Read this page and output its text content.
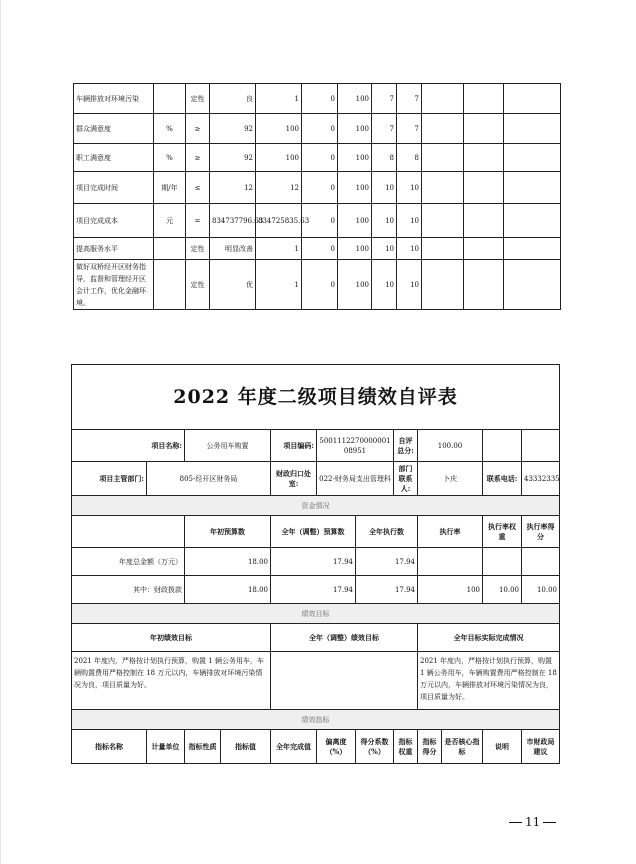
车辆排放对环境污染		定性	良	1	0	100	7	7			
群众满意度	%	≥	92	100	0	100	7	7			
职工满意度	%	≥	92	100	0	100	8	8			
项目完成时间	期/年	≤	12	12	0	100	10	10			
项目完成成本	元	=	834737796.63	834725835.63	0	100	10	10			
提高服务水平		定性	明显改善	1	0	100	10	10			
做好双桥经开区财务指导，监督和管理经开区会计工作，优化金融环境。		定性	优	1	0	100	10	10			
2022 年度二级项目绩效自评表											
项目名称:		公务用车购置		项目编码:	500111227000000108951		自评总分:	100.00			
项目主管部门:	805-经开区财务局			财政归口处室:	022-财务局支出管理科		部门联系人:	卜庆		联系电话:	43332335
资金情况											
		年初预算数		全年（调整）预算数		全年执行数		执行率		执行率权重	执行率得分
年度总金额（万元）		18.00		17.94		17.94					
其中：财政拨款		18.00		17.94		17.94		100		10.00	10.00
绩效目标											
年初绩效目标				全年（调整）绩效目标				全年目标实际完成情况			
2021 年度内，严格按计划执行预算，购置 1 辆公务用车，车辆购置费用严格控制在 18 万元以内，车辆排放对环境污染情况为良，项目质量为好。								2021 年度内，严格按计划执行预算，购置 1 辆公务用车，车辆购置费用严格控制在 18 万元以内，车辆排放对环境污染情况为良，项目质量为好。			
绩效指标											
指标名称	计量单位	指标性质	指标值	全年完成值	偏离度（%）	得分系数（%）	指标权重	指标得分	是否核心指标	说明	市财政局建议
11
